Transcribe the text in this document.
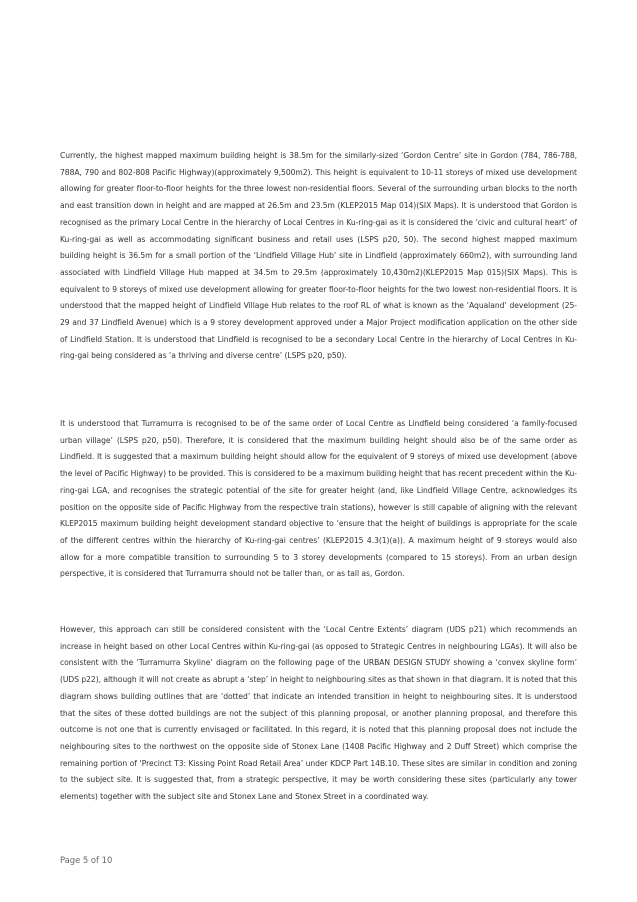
Currently, the highest mapped maximum building height is 38.5m for the similarly-sized ‘Gordon Centre’ site in Gordon (784, 786-788, 788A, 790 and 802-808 Pacific Highway)(approximately 9,500m2). This height is equivalent to 10-11 storeys of mixed use development allowing for greater floor-to-floor heights for the three lowest non-residential floors. Several of the surrounding urban blocks to the north and east transition down in height and are mapped at 26.5m and 23.5m (KLEP2015 Map 014)(SIX Maps). It is understood that Gordon is recognised as the primary Local Centre in the hierarchy of Local Centres in Ku-ring-gai as it is considered the ‘civic and cultural heart’ of Ku-ring-gai as well as accommodating significant business and retail uses (LSPS p20, 50). The second highest mapped maximum building height is 36.5m for a small portion of the ‘Lindfield Village Hub’ site in Lindfield (approximately 660m2), with surrounding land associated with Lindfield Village Hub mapped at 34.5m to 29.5m (approximately 10,430m2)(KLEP2015 Map 015)(SIX Maps). This is equivalent to 9 storeys of mixed use development allowing for greater floor-to-floor heights for the two lowest non-residential floors. It is understood that the mapped height of Lindfield Village Hub relates to the roof RL of what is known as the ‘Aqualand’ development (25-29 and 37 Lindfield Avenue) which is a 9 storey development approved under a Major Project modification application on the other side of Lindfield Station. It is understood that Lindfield is recognised to be a secondary Local Centre in the hierarchy of Local Centres in Ku-ring-gai being considered as ‘a thriving and diverse centre’ (LSPS p20, p50).

It is understood that Turramurra is recognised to be of the same order of Local Centre as Lindfield being considered ‘a family-focused urban village’ (LSPS p20, p50). Therefore, it is considered that the maximum building height should also be of the same order as Lindfield. It is suggested that a maximum building height should allow for the equivalent of 9 storeys of mixed use development (above the level of Pacific Highway) to be provided. This is considered to be a maximum building height that has recent precedent within the Ku-ring-gai LGA, and recognises the strategic potential of the site for greater height (and, like Lindfield Village Centre, acknowledges its position on the opposite side of Pacific Highway from the respective train stations), however is still capable of aligning with the relevant KLEP2015 maximum building height development standard objective to ‘ensure that the height of buildings is appropriate for the scale of the different centres within the hierarchy of Ku-ring-gai centres’ (KLEP2015 4.3(1)(a)). A maximum height of 9 storeys would also allow for a more compatible transition to surrounding 5 to 3 storey developments (compared to 15 storeys). From an urban design perspective, it is considered that Turramurra should not be taller than, or as tall as, Gordon.

However, this approach can still be considered consistent with the ‘Local Centre Extents’ diagram (UDS p21) which recommends an increase in height based on other Local Centres within Ku-ring-gai (as opposed to Strategic Centres in neighbouring LGAs). It will also be consistent with the ‘Turramurra Skyline’ diagram on the following page of the URBAN DESIGN STUDY showing a ‘convex skyline form’ (UDS p22), although it will not create as abrupt a ‘step’ in height to neighbouring sites as that shown in that diagram. It is noted that this diagram shows building outlines that are ‘dotted’ that indicate an intended transition in height to neighbouring sites. It is understood that the sites of these dotted buildings are not the subject of this planning proposal, or another planning proposal, and therefore this outcome is not one that is currently envisaged or facilitated. In this regard, it is noted that this planning proposal does not include the neighbouring sites to the northwest on the opposite side of Stonex Lane (1408 Pacific Highway and 2 Duff Street) which comprise the remaining portion of ‘Precinct T3: Kissing Point Road Retail Area’ under KDCP Part 14B.10. These sites are similar in condition and zoning to the subject site. It is suggested that, from a strategic perspective, it may be worth considering these sites (particularly any tower elements) together with the subject site and Stonex Lane and Stonex Street in a coordinated way.

Page 5 of 10
